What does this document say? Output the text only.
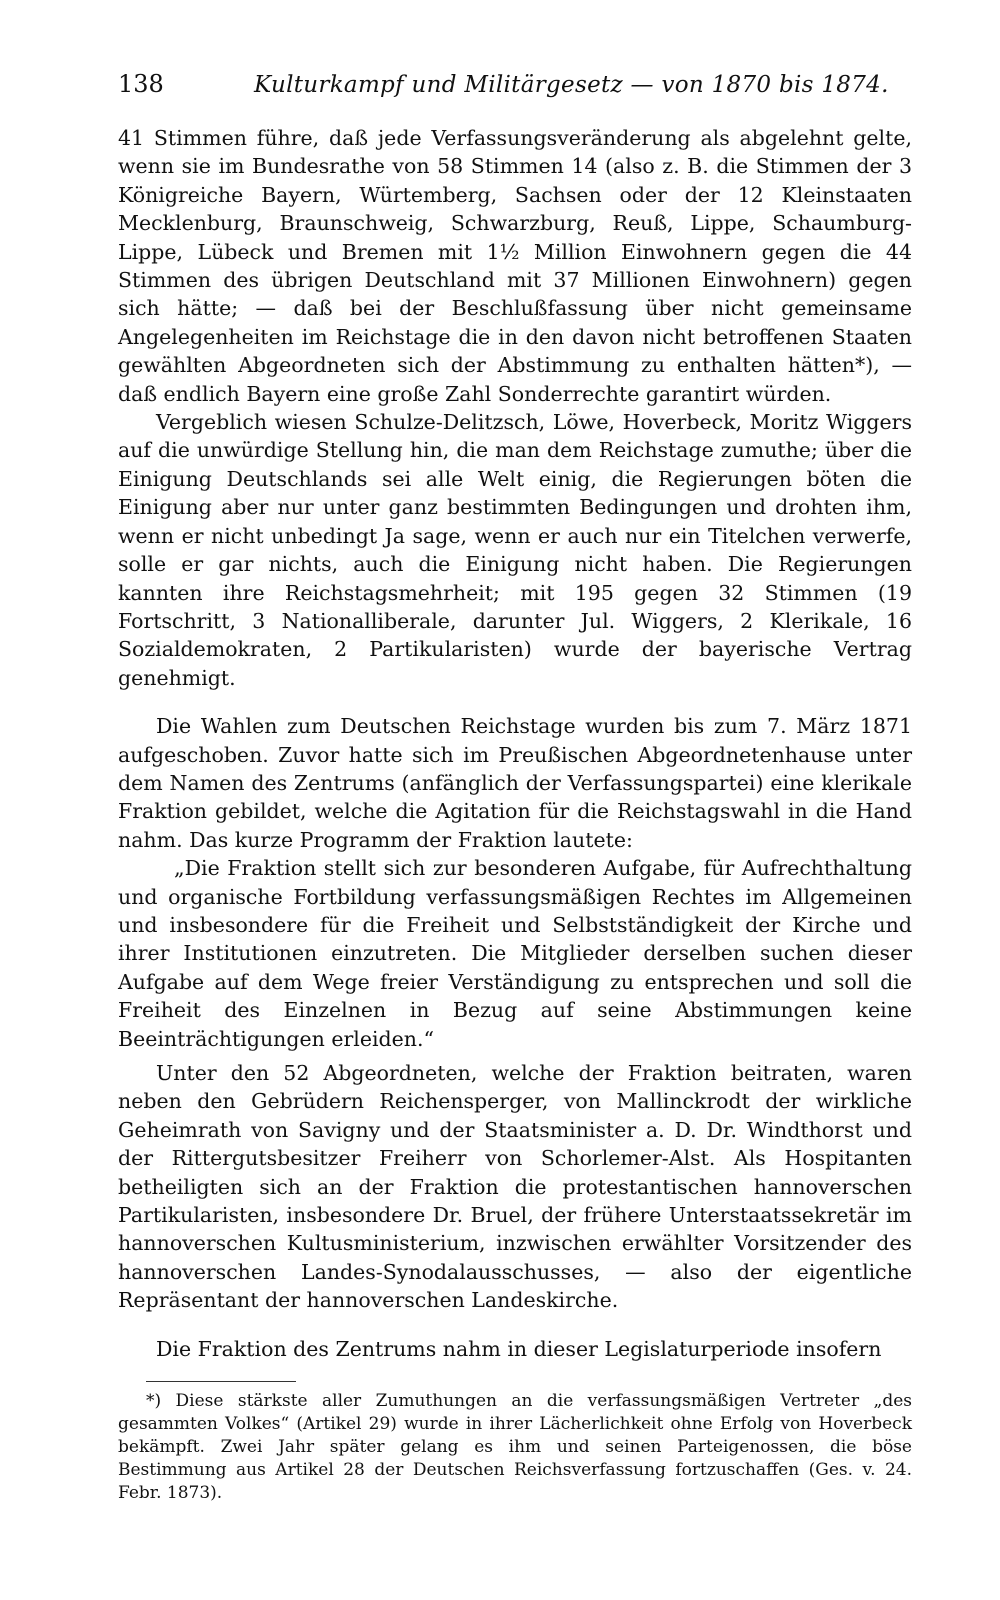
138	Kulturkampf und Militärgesetz — von 1870 bis 1874.

41 Stimmen führe, daß jede Verfassungsveränderung als abgelehnt gelte, wenn sie im Bundesrathe von 58 Stimmen 14 (also z. B. die Stimmen der 3 Königreiche Bayern, Würtemberg, Sachsen oder der 12 Kleinstaaten Mecklenburg, Braunschweig, Schwarzburg, Reuß, Lippe, Schaumburg-Lippe, Lübeck und Bremen mit 1½ Million Einwohnern gegen die 44 Stimmen des übrigen Deutschland mit 37 Millionen Einwohnern) gegen sich hätte; — daß bei der Beschlußfassung über nicht gemeinsame Angelegenheiten im Reichstage die in den davon nicht betroffenen Staaten gewählten Abgeordneten sich der Abstimmung zu enthalten hätten*), — daß endlich Bayern eine große Zahl Sonderrechte garantirt würden.

Vergeblich wiesen Schulze-Delitzsch, Löwe, Hoverbeck, Moritz Wiggers auf die unwürdige Stellung hin, die man dem Reichstage zumuthe; über die Einigung Deutschlands sei alle Welt einig, die Regierungen böten die Einigung aber nur unter ganz bestimmten Bedingungen und drohten ihm, wenn er nicht unbedingt Ja sage, wenn er auch nur ein Titelchen verwerfe, solle er gar nichts, auch die Einigung nicht haben. Die Regierungen kannten ihre Reichstagsmehrheit; mit 195 gegen 32 Stimmen (19 Fortschritt, 3 Nationalliberale, darunter Jul. Wiggers, 2 Klerikale, 16 Sozialdemokraten, 2 Partikularisten) wurde der bayerische Vertrag genehmigt.

Die Wahlen zum Deutschen Reichstage wurden bis zum 7. März 1871 aufgeschoben. Zuvor hatte sich im Preußischen Abgeordnetenhause unter dem Namen des Zentrums (anfänglich der Verfassungspartei) eine klerikale Fraktion gebildet, welche die Agitation für die Reichstagswahl in die Hand nahm. Das kurze Programm der Fraktion lautete:

„Die Fraktion stellt sich zur besonderen Aufgabe, für Aufrechthaltung und organische Fortbildung verfassungsmäßigen Rechtes im Allgemeinen und insbesondere für die Freiheit und Selbstständigkeit der Kirche und ihrer Institutionen einzutreten. Die Mitglieder derselben suchen dieser Aufgabe auf dem Wege freier Verständigung zu entsprechen und soll die Freiheit des Einzelnen in Bezug auf seine Abstimmungen keine Beeinträchtigungen erleiden.“

Unter den 52 Abgeordneten, welche der Fraktion beitraten, waren neben den Gebrüdern Reichensperger, von Mallinckrodt der wirkliche Geheimrath von Savigny und der Staatsminister a. D. Dr. Windthorst und der Rittergutsbesitzer Freiherr von Schorlemer-Alst. Als Hospitanten betheiligten sich an der Fraktion die protestantischen hannoverschen Partikularisten, insbesondere Dr. Bruel, der frühere Unterstaatssekretär im hannoverschen Kultusministerium, inzwischen erwählter Vorsitzender des hannoverschen Landes-Synodalausschusses, — also der eigentliche Repräsentant der hannoverschen Landeskirche.

Die Fraktion des Zentrums nahm in dieser Legislaturperiode insofern

*) Diese stärkste aller Zumuthungen an die verfassungsmäßigen Vertreter „des gesammten Volkes“ (Artikel 29) wurde in ihrer Lächerlichkeit ohne Erfolg von Hoverbeck bekämpft. Zwei Jahr später gelang es ihm und seinen Parteigenossen, die böse Bestimmung aus Artikel 28 der Deutschen Reichsverfassung fortzuschaffen (Ges. v. 24. Febr. 1873).
